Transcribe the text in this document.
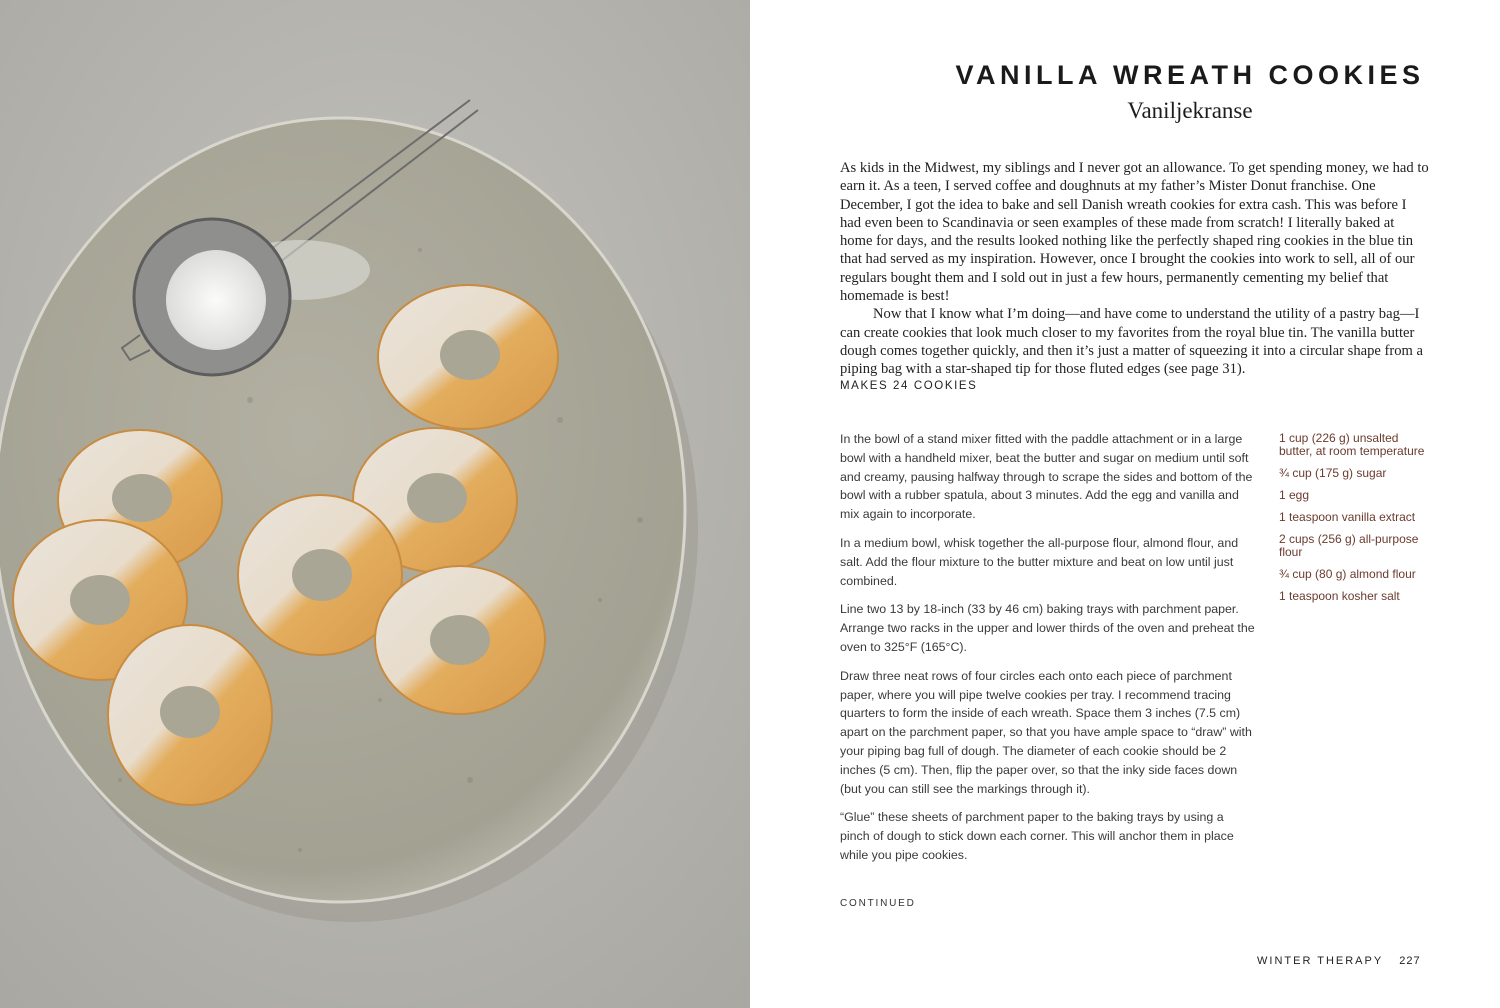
VANILLA WREATH COOKIES
Vaniljekranse

As kids in the Midwest, my siblings and I never got an allowance. To get spending money, we had to earn it. As a teen, I served coffee and doughnuts at my father’s Mister Donut franchise. One December, I got the idea to bake and sell Danish wreath cookies for extra cash. This was before I had even been to Scandinavia or seen examples of these made from scratch! I literally baked at home for days, and the results looked nothing like the perfectly shaped ring cookies in the blue tin that had served as my inspiration. However, once I brought the cookies into work to sell, all of our regulars bought them and I sold out in just a few hours, permanently cementing my belief that homemade is best!

Now that I know what I’m doing—and have come to understand the utility of a pastry bag—I can create cookies that look much closer to my favorites from the royal blue tin. The vanilla butter dough comes together quickly, and then it’s just a matter of squeezing it into a circular shape from a piping bag with a star-shaped tip for those fluted edges (see page 31).

MAKES 24 COOKIES

In the bowl of a stand mixer fitted with the paddle attachment or in a large bowl with a handheld mixer, beat the butter and sugar on medium until soft and creamy, pausing halfway through to scrape the sides and bottom of the bowl with a rubber spatula, about 3 minutes. Add the egg and vanilla and mix again to incorporate.

In a medium bowl, whisk together the all-purpose flour, almond flour, and salt. Add the flour mixture to the butter mixture and beat on low until just combined.

Line two 13 by 18-inch (33 by 46 cm) baking trays with parchment paper. Arrange two racks in the upper and lower thirds of the oven and preheat the oven to 325°F (165°C).

Draw three neat rows of four circles each onto each piece of parchment paper, where you will pipe twelve cookies per tray. I recommend tracing quarters to form the inside of each wreath. Space them 3 inches (7.5 cm) apart on the parchment paper, so that you have ample space to “draw” with your piping bag full of dough. The diameter of each cookie should be 2 inches (5 cm). Then, flip the paper over, so that the inky side faces down (but you can still see the markings through it).

“Glue” these sheets of parchment paper to the baking trays by using a pinch of dough to stick down each corner. This will anchor them in place while you pipe cookies.

1 cup (226 g) unsalted butter, at room temperature
¾ cup (175 g) sugar
1 egg
1 teaspoon vanilla extract
2 cups (256 g) all-purpose flour
¾ cup (80 g) almond flour
1 teaspoon kosher salt
CONTINUED
WINTER THERAPY 227
